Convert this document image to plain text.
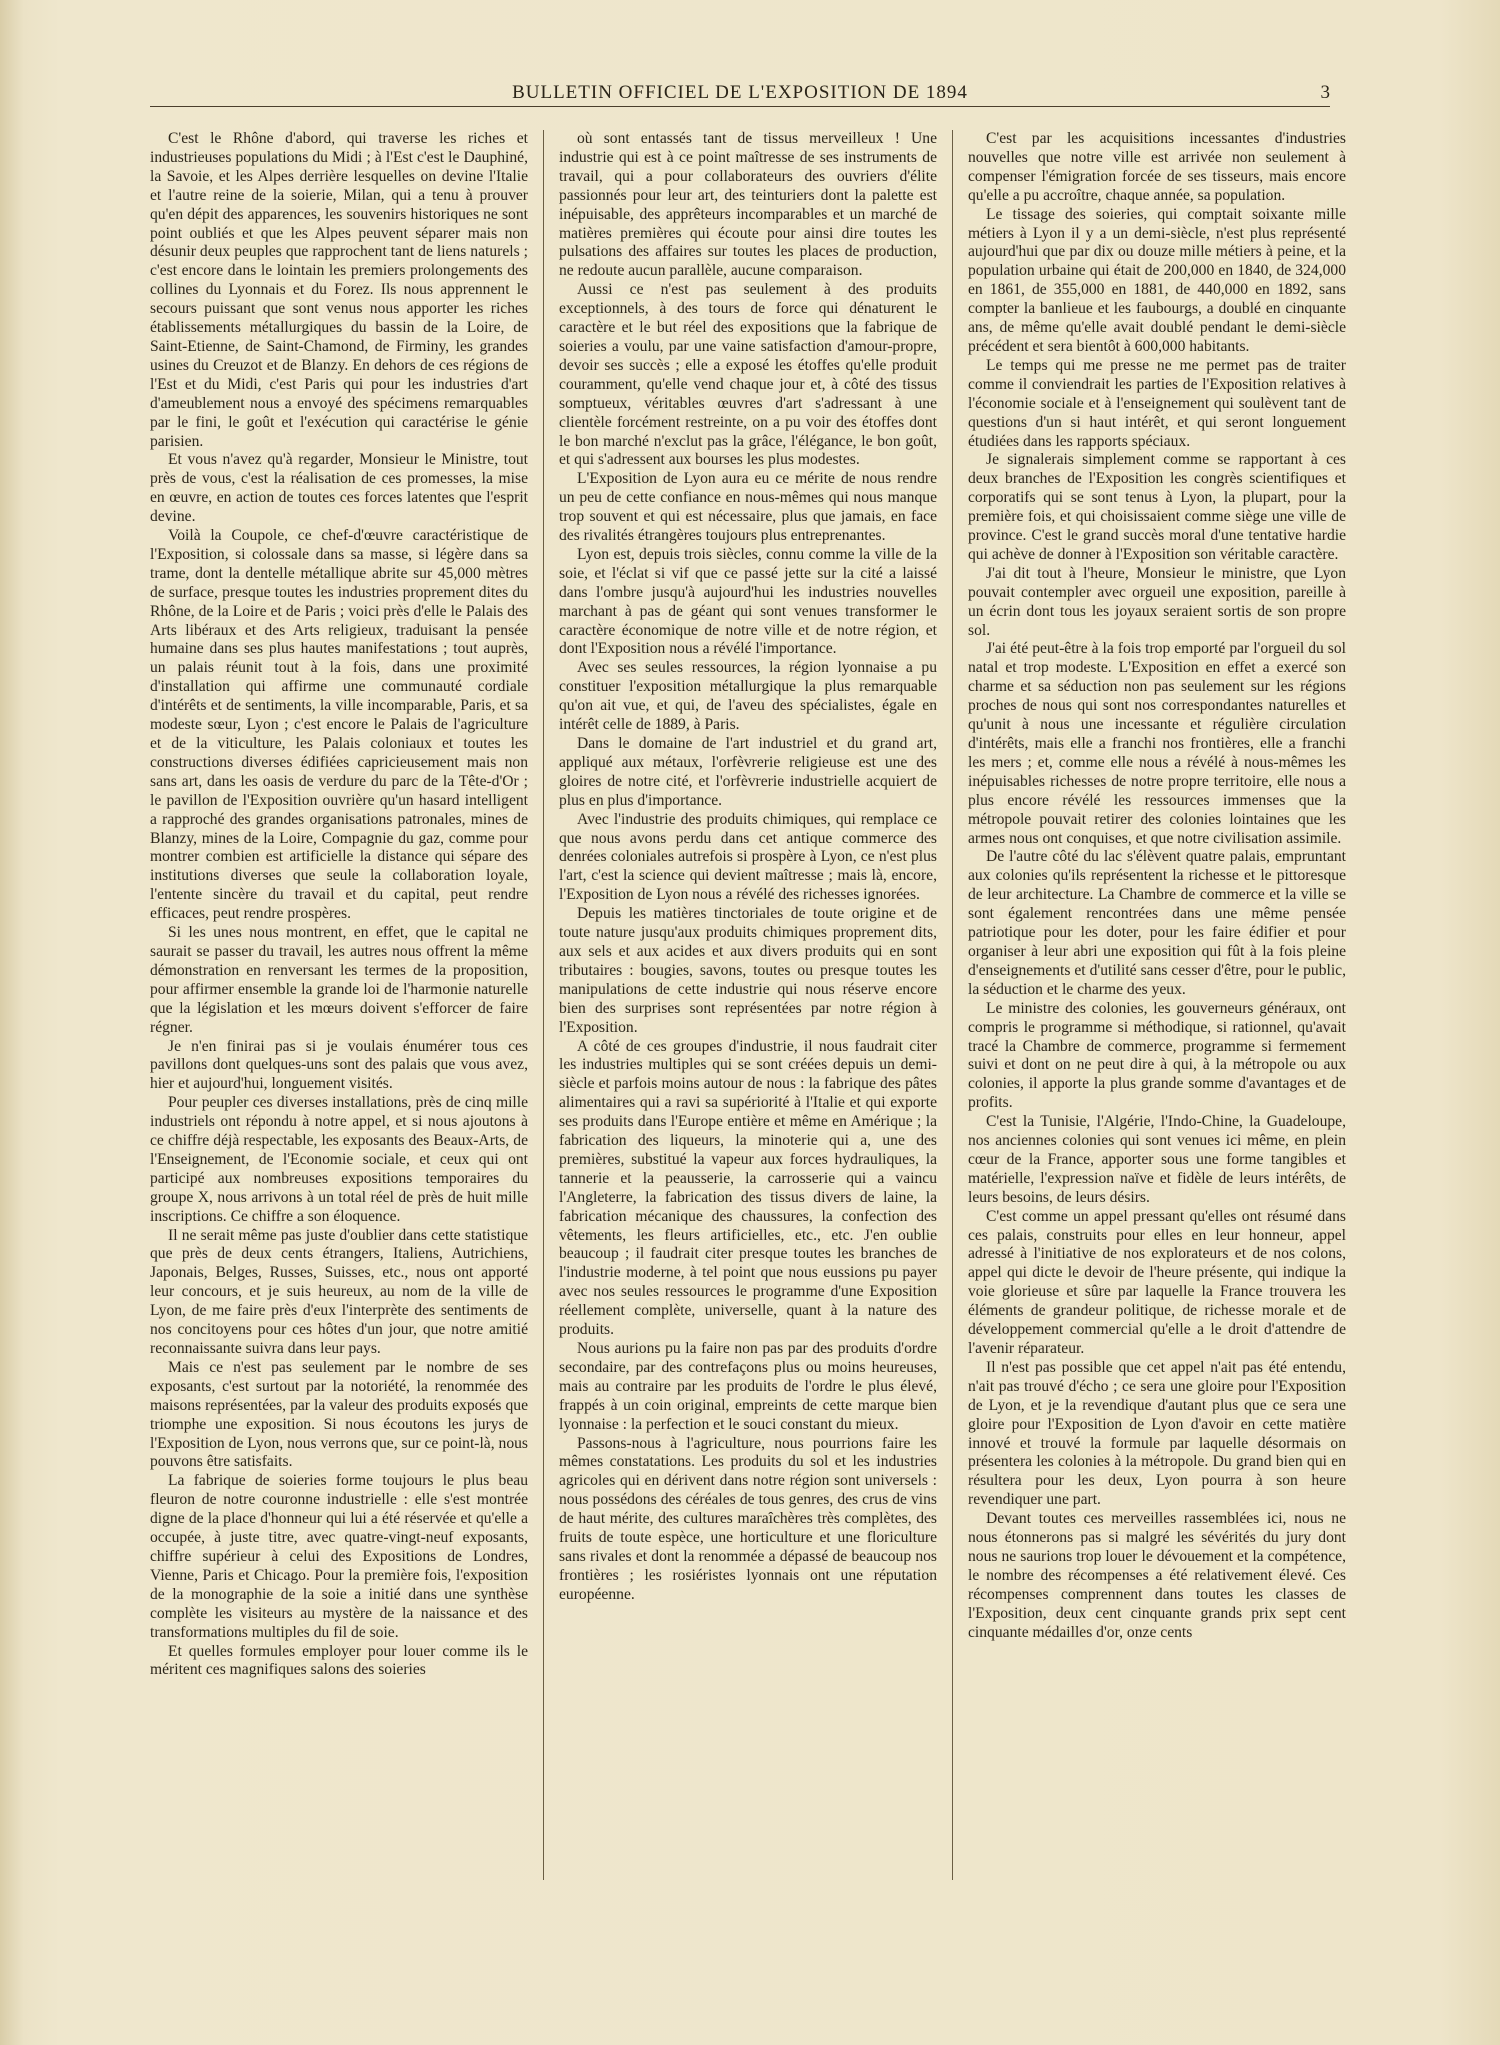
BULLETIN OFFICIEL DE L'EXPOSITION DE 1894	3

C'est le Rhône d'abord, qui traverse les riches et industrieuses populations du Midi ; à l'Est c'est le Dauphiné, la Savoie, et les Alpes derrière lesquelles on devine l'Italie et l'autre reine de la soierie, Milan, qui a tenu à prouver qu'en dépit des apparences, les souvenirs historiques ne sont point oubliés et que les Alpes peuvent séparer mais non désunir deux peuples que rapprochent tant de liens naturels ; c'est encore dans le lointain les premiers prolongements des collines du Lyonnais et du Forez. Ils nous apprennent le secours puissant que sont venus nous apporter les riches établissements métallurgiques du bassin de la Loire, de Saint-Etienne, de Saint-Chamond, de Firminy, les grandes usines du Creuzot et de Blanzy. En dehors de ces régions de l'Est et du Midi, c'est Paris qui pour les industries d'art d'ameublement nous a envoyé des spécimens remarquables par le fini, le goût et l'exécution qui caractérise le génie parisien.

Et vous n'avez qu'à regarder, Monsieur le Ministre, tout près de vous, c'est la réalisation de ces promesses, la mise en œuvre, en action de toutes ces forces latentes que l'esprit devine.

Voilà la Coupole, ce chef-d'œuvre caractéristique de l'Exposition, si colossale dans sa masse, si légère dans sa trame, dont la dentelle métallique abrite sur 45,000 mètres de surface, presque toutes les industries proprement dites du Rhône, de la Loire et de Paris ; voici près d'elle le Palais des Arts libéraux et des Arts religieux, traduisant la pensée humaine dans ses plus hautes manifestations ; tout auprès, un palais réunit tout à la fois, dans une proximité d'installation qui affirme une communauté cordiale d'intérêts et de sentiments, la ville incomparable, Paris, et sa modeste sœur, Lyon ; c'est encore le Palais de l'agriculture et de la viticulture, les Palais coloniaux et toutes les constructions diverses édifiées capricieusement mais non sans art, dans les oasis de verdure du parc de la Tête-d'Or ; le pavillon de l'Exposition ouvrière qu'un hasard intelligent a rapproché des grandes organisations patronales, mines de Blanzy, mines de la Loire, Compagnie du gaz, comme pour montrer combien est artificielle la distance qui sépare des institutions diverses que seule la collaboration loyale, l'entente sincère du travail et du capital, peut rendre efficaces, peut rendre prospères.

Si les unes nous montrent, en effet, que le capital ne saurait se passer du travail, les autres nous offrent la même démonstration en renversant les termes de la proposition, pour affirmer ensemble la grande loi de l'harmonie naturelle que la législation et les mœurs doivent s'efforcer de faire régner.

Je n'en finirai pas si je voulais énumérer tous ces pavillons dont quelques-uns sont des palais que vous avez, hier et aujourd'hui, longuement visités.

Pour peupler ces diverses installations, près de cinq mille industriels ont répondu à notre appel, et si nous ajoutons à ce chiffre déjà respectable, les exposants des Beaux-Arts, de l'Enseignement, de l'Economie sociale, et ceux qui ont participé aux nombreuses expositions temporaires du groupe X, nous arrivons à un total réel de près de huit mille inscriptions. Ce chiffre a son éloquence.

Il ne serait même pas juste d'oublier dans cette statistique que près de deux cents étrangers, Italiens, Autrichiens, Japonais, Belges, Russes, Suisses, etc., nous ont apporté leur concours, et je suis heureux, au nom de la ville de Lyon, de me faire près d'eux l'interprète des sentiments de nos concitoyens pour ces hôtes d'un jour, que notre amitié reconnaissante suivra dans leur pays.

Mais ce n'est pas seulement par le nombre de ses exposants, c'est surtout par la notoriété, la renommée des maisons représentées, par la valeur des produits exposés que triomphe une exposition. Si nous écoutons les jurys de l'Exposition de Lyon, nous verrons que, sur ce point-là, nous pouvons être satisfaits.

La fabrique de soieries forme toujours le plus beau fleuron de notre couronne industrielle : elle s'est montrée digne de la place d'honneur qui lui a été réservée et qu'elle a occupée, à juste titre, avec quatre-vingt-neuf exposants, chiffre supérieur à celui des Expositions de Londres, Vienne, Paris et Chicago. Pour la première fois, l'exposition de la monographie de la soie a initié dans une synthèse complète les visiteurs au mystère de la naissance et des transformations multiples du fil de soie.

Et quelles formules employer pour louer comme ils le méritent ces magnifiques salons des soieries

où sont entassés tant de tissus merveilleux ! Une industrie qui est à ce point maîtresse de ses instruments de travail, qui a pour collaborateurs des ouvriers d'élite passionnés pour leur art, des teinturiers dont la palette est inépuisable, des apprêteurs incomparables et un marché de matières premières qui écoute pour ainsi dire toutes les pulsations des affaires sur toutes les places de production, ne redoute aucun parallèle, aucune comparaison.

Aussi ce n'est pas seulement à des produits exceptionnels, à des tours de force qui dénaturent le caractère et le but réel des expositions que la fabrique de soieries a voulu, par une vaine satisfaction d'amour-propre, devoir ses succès ; elle a exposé les étoffes qu'elle produit couramment, qu'elle vend chaque jour et, à côté des tissus somptueux, véritables œuvres d'art s'adressant à une clientèle forcément restreinte, on a pu voir des étoffes dont le bon marché n'exclut pas la grâce, l'élégance, le bon goût, et qui s'adressent aux bourses les plus modestes.

L'Exposition de Lyon aura eu ce mérite de nous rendre un peu de cette confiance en nous-mêmes qui nous manque trop souvent et qui est nécessaire, plus que jamais, en face des rivalités étrangères toujours plus entreprenantes.

Lyon est, depuis trois siècles, connu comme la ville de la soie, et l'éclat si vif que ce passé jette sur la cité a laissé dans l'ombre jusqu'à aujourd'hui les industries nouvelles marchant à pas de géant qui sont venues transformer le caractère économique de notre ville et de notre région, et dont l'Exposition nous a révélé l'importance.

Avec ses seules ressources, la région lyonnaise a pu constituer l'exposition métallurgique la plus remarquable qu'on ait vue, et qui, de l'aveu des spécialistes, égale en intérêt celle de 1889, à Paris.

Dans le domaine de l'art industriel et du grand art, appliqué aux métaux, l'orfèvrerie religieuse est une des gloires de notre cité, et l'orfèvrerie industrielle acquiert de plus en plus d'importance.

Avec l'industrie des produits chimiques, qui remplace ce que nous avons perdu dans cet antique commerce des denrées coloniales autrefois si prospère à Lyon, ce n'est plus l'art, c'est la science qui devient maîtresse ; mais là, encore, l'Exposition de Lyon nous a révélé des richesses ignorées.

Depuis les matières tinctoriales de toute origine et de toute nature jusqu'aux produits chimiques proprement dits, aux sels et aux acides et aux divers produits qui en sont tributaires : bougies, savons, toutes ou presque toutes les manipulations de cette industrie qui nous réserve encore bien des surprises sont représentées par notre région à l'Exposition.

A côté de ces groupes d'industrie, il nous faudrait citer les industries multiples qui se sont créées depuis un demi-siècle et parfois moins autour de nous : la fabrique des pâtes alimentaires qui a ravi sa supériorité à l'Italie et qui exporte ses produits dans l'Europe entière et même en Amérique ; la fabrication des liqueurs, la minoterie qui a, une des premières, substitué la vapeur aux forces hydrauliques, la tannerie et la peausserie, la carrosserie qui a vaincu l'Angleterre, la fabrication des tissus divers de laine, la fabrication mécanique des chaussures, la confection des vêtements, les fleurs artificielles, etc., etc. J'en oublie beaucoup ; il faudrait citer presque toutes les branches de l'industrie moderne, à tel point que nous eussions pu payer avec nos seules ressources le programme d'une Exposition réellement complète, universelle, quant à la nature des produits.

Nous aurions pu la faire non pas par des produits d'ordre secondaire, par des contrefaçons plus ou moins heureuses, mais au contraire par les produits de l'ordre le plus élevé, frappés à un coin original, empreints de cette marque bien lyonnaise : la perfection et le souci constant du mieux.

Passons-nous à l'agriculture, nous pourrions faire les mêmes constatations. Les produits du sol et les industries agricoles qui en dérivent dans notre région sont universels : nous possédons des céréales de tous genres, des crus de vins de haut mérite, des cultures maraîchères très complètes, des fruits de toute espèce, une horticulture et une floriculture sans rivales et dont la renommée a dépassé de beaucoup nos frontières ; les rosiéristes lyonnais ont une réputation européenne.

C'est par les acquisitions incessantes d'industries nouvelles que notre ville est arrivée non seulement à compenser l'émigration forcée de ses tisseurs, mais encore qu'elle a pu accroître, chaque année, sa population.

Le tissage des soieries, qui comptait soixante mille métiers à Lyon il y a un demi-siècle, n'est plus représenté aujourd'hui que par dix ou douze mille métiers à peine, et la population urbaine qui était de 200,000 en 1840, de 324,000 en 1861, de 355,000 en 1881, de 440,000 en 1892, sans compter la banlieue et les faubourgs, a doublé en cinquante ans, de même qu'elle avait doublé pendant le demi-siècle précédent et sera bientôt à 600,000 habitants.

Le temps qui me presse ne me permet pas de traiter comme il conviendrait les parties de l'Exposition relatives à l'économie sociale et à l'enseignement qui soulèvent tant de questions d'un si haut intérêt, et qui seront longuement étudiées dans les rapports spéciaux.

Je signalerais simplement comme se rapportant à ces deux branches de l'Exposition les congrès scientifiques et corporatifs qui se sont tenus à Lyon, la plupart, pour la première fois, et qui choisissaient comme siège une ville de province. C'est le grand succès moral d'une tentative hardie qui achève de donner à l'Exposition son véritable caractère.

J'ai dit tout à l'heure, Monsieur le ministre, que Lyon pouvait contempler avec orgueil une exposition, pareille à un écrin dont tous les joyaux seraient sortis de son propre sol.

J'ai été peut-être à la fois trop emporté par l'orgueil du sol natal et trop modeste. L'Exposition en effet a exercé son charme et sa séduction non pas seulement sur les régions proches de nous qui sont nos correspondantes naturelles et qu'unit à nous une incessante et régulière circulation d'intérêts, mais elle a franchi nos frontières, elle a franchi les mers ; et, comme elle nous a révélé à nous-mêmes les inépuisables richesses de notre propre territoire, elle nous a plus encore révélé les ressources immenses que la métropole pouvait retirer des colonies lointaines que les armes nous ont conquises, et que notre civilisation assimile.

De l'autre côté du lac s'élèvent quatre palais, empruntant aux colonies qu'ils représentent la richesse et le pittoresque de leur architecture. La Chambre de commerce et la ville se sont également rencontrées dans une même pensée patriotique pour les doter, pour les faire édifier et pour organiser à leur abri une exposition qui fût à la fois pleine d'enseignements et d'utilité sans cesser d'être, pour le public, la séduction et le charme des yeux.

Le ministre des colonies, les gouverneurs généraux, ont compris le programme si méthodique, si rationnel, qu'avait tracé la Chambre de commerce, programme si fermement suivi et dont on ne peut dire à qui, à la métropole ou aux colonies, il apporte la plus grande somme d'avantages et de profits.

C'est la Tunisie, l'Algérie, l'Indo-Chine, la Guadeloupe, nos anciennes colonies qui sont venues ici même, en plein cœur de la France, apporter sous une forme tangibles et matérielle, l'expression naïve et fidèle de leurs intérêts, de leurs besoins, de leurs désirs.

C'est comme un appel pressant qu'elles ont résumé dans ces palais, construits pour elles en leur honneur, appel adressé à l'initiative de nos explorateurs et de nos colons, appel qui dicte le devoir de l'heure présente, qui indique la voie glorieuse et sûre par laquelle la France trouvera les éléments de grandeur politique, de richesse morale et de développement commercial qu'elle a le droit d'attendre de l'avenir réparateur.

Il n'est pas possible que cet appel n'ait pas été entendu, n'ait pas trouvé d'écho ; ce sera une gloire pour l'Exposition de Lyon, et je la revendique d'autant plus que ce sera une gloire pour l'Exposition de Lyon d'avoir en cette matière innové et trouvé la formule par laquelle désormais on présentera les colonies à la métropole. Du grand bien qui en résultera pour les deux, Lyon pourra à son heure revendiquer une part.

Devant toutes ces merveilles rassemblées ici, nous ne nous étonnerons pas si malgré les sévérités du jury dont nous ne saurions trop louer le dévouement et la compétence, le nombre des récompenses a été relativement élevé. Ces récompenses comprennent dans toutes les classes de l'Exposition, deux cent cinquante grands prix sept cent cinquante médailles d'or, onze cents
